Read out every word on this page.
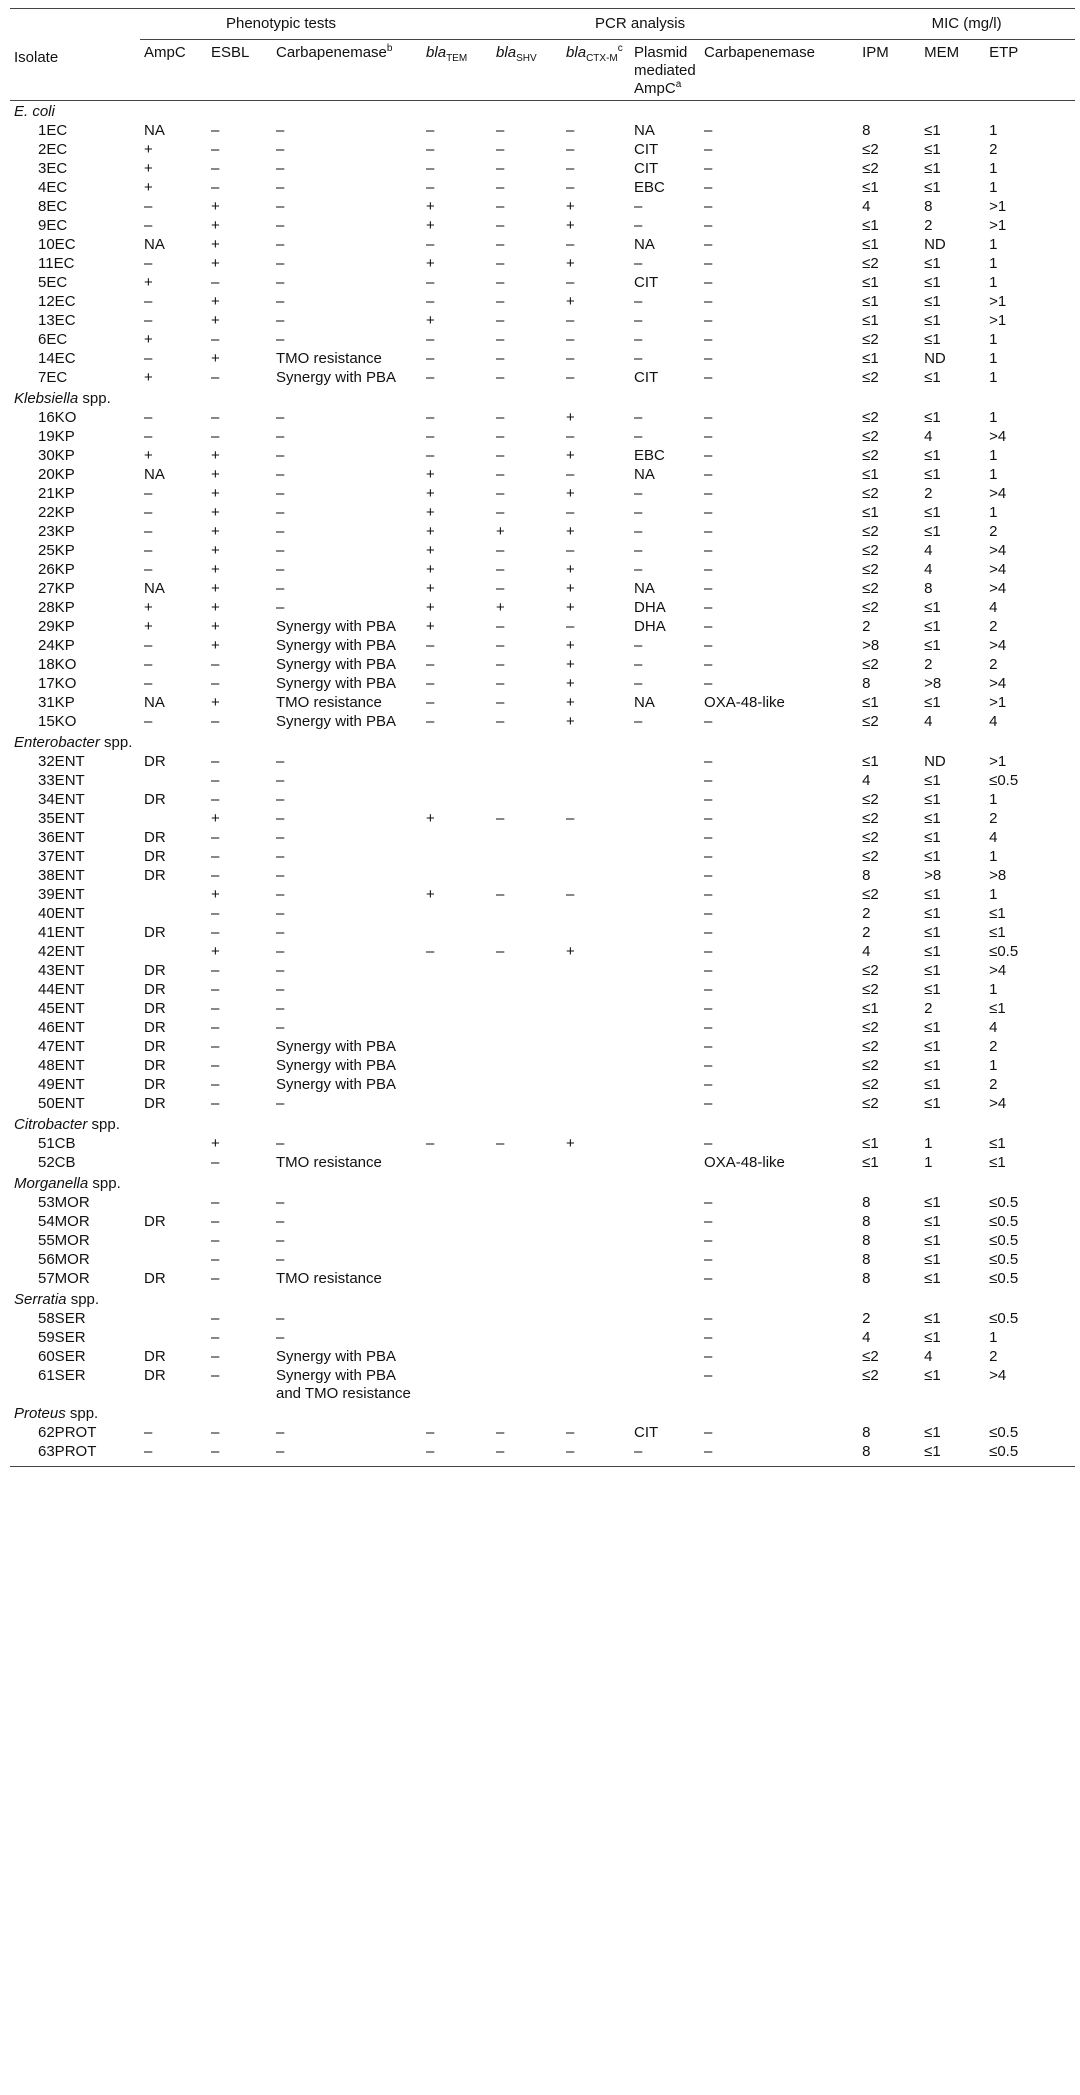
Isolate	Phenotypic tests			PCR analysis					MIC (mg/l)		
	AmpC	ESBL	Carbapenemase$^b$	bla$_{TEM}$	bla$_{SHV}$	bla$_{CTX-M}^c$	Plasmid
mediated
AmpC$^a$	Carbapenemase	IPM	MEM	ETP
E. coli											
1EC	NA	–	–	–	–	–	NA	–	8	≤1	1
2EC	+	–	–	–	–	–	CIT	–	≤2	≤1	2
3EC	+	–	–	–	–	–	CIT	–	≤2	≤1	1
4EC	+	–	–	–	–	–	EBC	–	≤1	≤1	1
8EC	–	+	–	+	–	+	–	–	4	8	>1
9EC	–	+	–	+	–	+	–	–	≤1	2	>1
10EC	NA	+	–	–	–	–	NA	–	≤1	ND	1
11EC	–	+	–	+	–	+	–	–	≤2	≤1	1
5EC	+	–	–	–	–	–	CIT	–	≤1	≤1	1
12EC	–	+	–	–	–	+	–	–	≤1	≤1	>1
13EC	–	+	–	+	–	–	–	–	≤1	≤1	>1
6EC	+	–	–	–	–	–	–	–	≤2	≤1	1
14EC	–	+	TMO resistance	–	–	–	–	–	≤1	ND	1
7EC	+	–	Synergy with PBA	–	–	–	CIT	–	≤2	≤1	1
Klebsiella spp.											
16KO	–	–	–	–	–	+	–	–	≤2	≤1	1
19KP	–	–	–	–	–	–	–	–	≤2	4	>4
30KP	+	+	–	–	–	+	EBC	–	≤2	≤1	1
20KP	NA	+	–	+	–	–	NA	–	≤1	≤1	1
21KP	–	+	–	+	–	+	–	–	≤2	2	>4
22KP	–	+	–	+	–	–	–	–	≤1	≤1	1
23KP	–	+	–	+	+	+	–	–	≤2	≤1	2
25KP	–	+	–	+	–	–	–	–	≤2	4	>4
26KP	–	+	–	+	–	+	–	–	≤2	4	>4
27KP	NA	+	–	+	–	+	NA	–	≤2	8	>4
28KP	+	+	–	+	+	+	DHA	–	≤2	≤1	4
29KP	+	+	Synergy with PBA	+	–	–	DHA	–	2	≤1	2
24KP	–	+	Synergy with PBA	–	–	+	–	–	>8	≤1	>4
18KO	–	–	Synergy with PBA	–	–	+	–	–	≤2	2	2
17KO	–	–	Synergy with PBA	–	–	+	–	–	8	>8	>4
31KP	NA	+	TMO resistance	–	–	+	NA	OXA-48-like	≤1	≤1	>1
15KO	–	–	Synergy with PBA	–	–	+	–	–	≤2	4	4
Enterobacter spp.											
32ENT	DR	–	–					–	≤1	ND	>1
33ENT		–	–					–	4	≤1	≤0.5
34ENT	DR	–	–					–	≤2	≤1	1
35ENT		+	–	+	–	–		–	≤2	≤1	2
36ENT	DR	–	–					–	≤2	≤1	4
37ENT	DR	–	–					–	≤2	≤1	1
38ENT	DR	–	–					–	8	>8	>8
39ENT		+	–	+	–	–		–	≤2	≤1	1
40ENT		–	–					–	2	≤1	≤1
41ENT	DR	–	–					–	2	≤1	≤1
42ENT		+	–	–	–	+		–	4	≤1	≤0.5
43ENT	DR	–	–					–	≤2	≤1	>4
44ENT	DR	–	–					–	≤2	≤1	1
45ENT	DR	–	–					–	≤1	2	≤1
46ENT	DR	–	–					–	≤2	≤1	4
47ENT	DR	–	Synergy with PBA					–	≤2	≤1	2
48ENT	DR	–	Synergy with PBA					–	≤2	≤1	1
49ENT	DR	–	Synergy with PBA					–	≤2	≤1	2
50ENT	DR	–	–					–	≤2	≤1	>4
Citrobacter spp.											
51CB		+	–	–	–	+		–	≤1	1	≤1
52CB		–	TMO resistance					OXA-48-like	≤1	1	≤1
Morganella spp.											
53MOR		–	–					–	8	≤1	≤0.5
54MOR	DR	–	–					–	8	≤1	≤0.5
55MOR		–	–					–	8	≤1	≤0.5
56MOR		–	–					–	8	≤1	≤0.5
57MOR	DR	–	TMO resistance					–	8	≤1	≤0.5
Serratia spp.											
58SER		–	–					–	2	≤1	≤0.5
59SER		–	–					–	4	≤1	1
60SER	DR	–	Synergy with PBA					–	≤2	4	2
61SER	DR	–	Synergy with PBA and TMO resistance					–	≤2	≤1	>4
Proteus spp.											
62PROT	–	–	–	–	–	–	CIT	–	8	≤1	≤0.5
63PROT	–	–	–	–	–	–	–	–	8	≤1	≤0.5
